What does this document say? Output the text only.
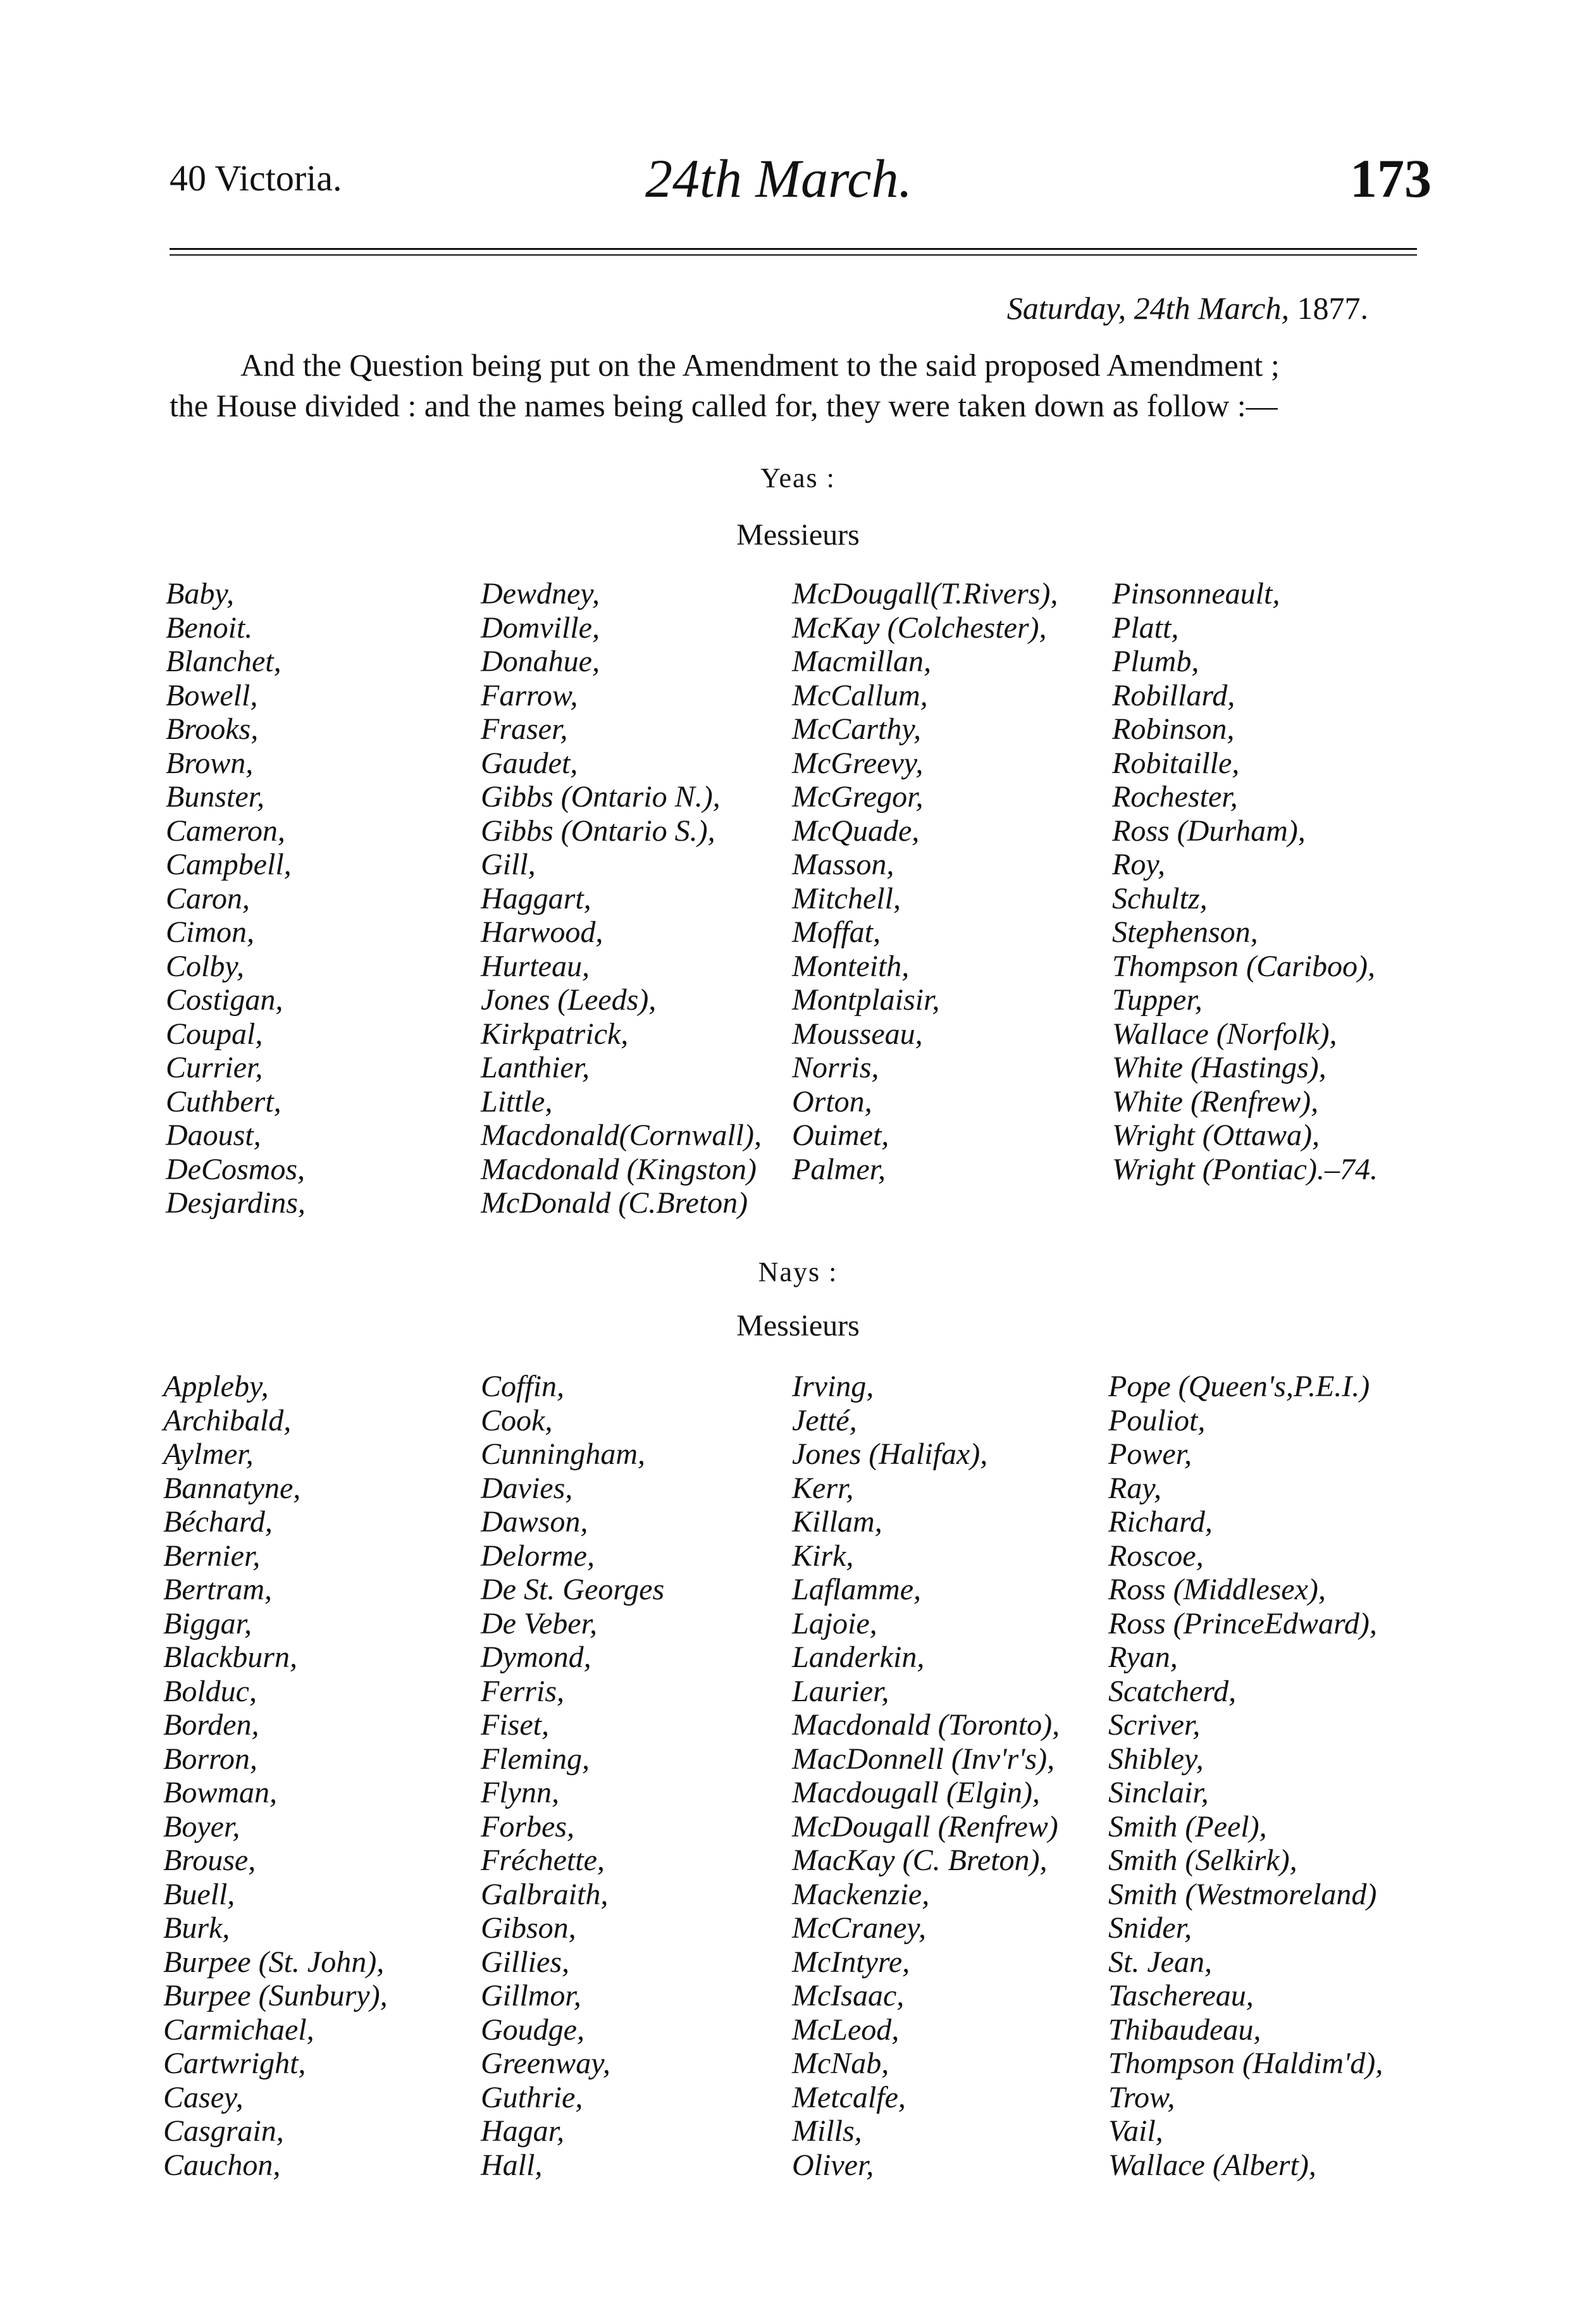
40 Victoria.	24th March.	173
Saturday, 24th March, 1877.
And the Question being put on the Amendment to the said proposed Amendment ;
the House divided : and the names being called for, they were taken down as follow :—
Yeas :
Messieurs
Baby,
Benoit.
Blanchet,
Bowell,
Brooks,
Brown,
Bunster,
Cameron,
Campbell,
Caron,
Cimon,
Colby,
Costigan,
Coupal,
Currier,
Cuthbert,
Daoust,
DeCosmos,
Desjardins,
Dewdney,
Domville,
Donahue,
Farrow,
Fraser,
Gaudet,
Gibbs (Ontario N.),
Gibbs (Ontario S.),
Gill,
Haggart,
Harwood,
Hurteau,
Jones (Leeds),
Kirkpatrick,
Lanthier,
Little,
Macdonald(Cornwall),
Macdonald (Kingston)
McDonald (C.Breton)
McDougall(T.Rivers),
McKay (Colchester),
Macmillan,
McCallum,
McCarthy,
McGreevy,
McGregor,
McQuade,
Masson,
Mitchell,
Moffat,
Monteith,
Montplaisir,
Mousseau,
Norris,
Orton,
Ouimet,
Palmer,
Pinsonneault,
Platt,
Plumb,
Robillard,
Robinson,
Robitaille,
Rochester,
Ross (Durham),
Roy,
Schultz,
Stephenson,
Thompson (Cariboo),
Tupper,
Wallace (Norfolk),
White (Hastings),
White (Renfrew),
Wright (Ottawa),
Wright (Pontiac).–74.
Nays :
Messieurs
Appleby,
Archibald,
Aylmer,
Bannatyne,
Béchard,
Bernier,
Bertram,
Biggar,
Blackburn,
Bolduc,
Borden,
Borron,
Bowman,
Boyer,
Brouse,
Buell,
Burk,
Burpee (St. John),
Burpee (Sunbury),
Carmichael,
Cartwright,
Casey,
Casgrain,
Cauchon,
Coffin,
Cook,
Cunningham,
Davies,
Dawson,
Delorme,
De St. Georges
De Veber,
Dymond,
Ferris,
Fiset,
Fleming,
Flynn,
Forbes,
Fréchette,
Galbraith,
Gibson,
Gillies,
Gillmor,
Goudge,
Greenway,
Guthrie,
Hagar,
Hall,
Irving,
Jetté,
Jones (Halifax),
Kerr,
Killam,
Kirk,
Laflamme,
Lajoie,
Landerkin,
Laurier,
Macdonald (Toronto),
MacDonnell (Inv'r's),
Macdougall (Elgin),
McDougall (Renfrew)
MacKay (C. Breton),
Mackenzie,
McCraney,
McIntyre,
McIsaac,
McLeod,
McNab,
Metcalfe,
Mills,
Oliver,
Pope (Queen's,P.E.I.)
Pouliot,
Power,
Ray,
Richard,
Roscoe,
Ross (Middlesex),
Ross (PrinceEdward),
Ryan,
Scatcherd,
Scriver,
Shibley,
Sinclair,
Smith (Peel),
Smith (Selkirk),
Smith (Westmoreland)
Snider,
St. Jean,
Taschereau,
Thibaudeau,
Thompson (Haldim'd),
Trow,
Vail,
Wallace (Albert),
